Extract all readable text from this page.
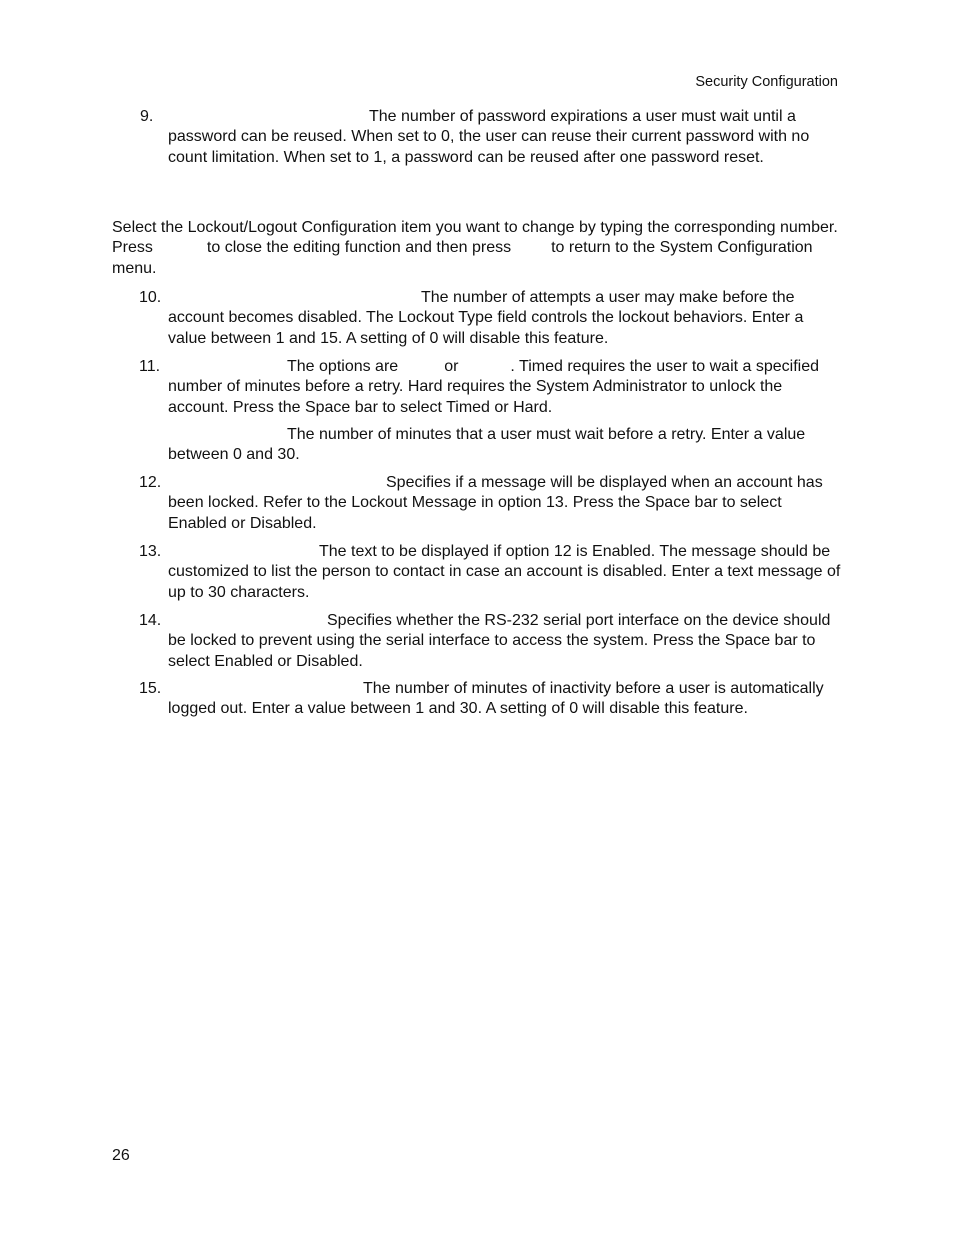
Security Configuration
9.	The number of password expirations a user must wait until a password can be reused. When set to 0, the user can reuse their current password with no count limitation. When set to 1, a password can be reused after one password reset.

Select the Lockout/Logout Configuration item you want to change by typing the corresponding number. Press	to close the editing function and then press	to return to the System Configuration menu.

10.	The number of attempts a user may make before the account becomes disabled. The Lockout Type field controls the lockout behaviors. Enter a value between 1 and 15. A setting of 0 will disable this feature.

11.	The options are	or	. Timed requires the user to wait a specified number of minutes before a retry. Hard requires the System Administrator to unlock the account. Press the Space bar to select Timed or Hard.

The number of minutes that a user must wait before a retry. Enter a value between 0 and 30.

12.	Specifies if a message will be displayed when an account has been locked. Refer to the Lockout Message in option 13. Press the Space bar to select Enabled or Disabled.

13.	The text to be displayed if option 12 is Enabled. The message should be customized to list the person to contact in case an account is disabled. Enter a text message of up to 30 characters.

14.	Specifies whether the RS-232 serial port interface on the device should be locked to prevent using the serial interface to access the system. Press the Space bar to select Enabled or Disabled.

15.	The number of minutes of inactivity before a user is automatically logged out. Enter a value between 1 and 30. A setting of 0 will disable this feature.

26
